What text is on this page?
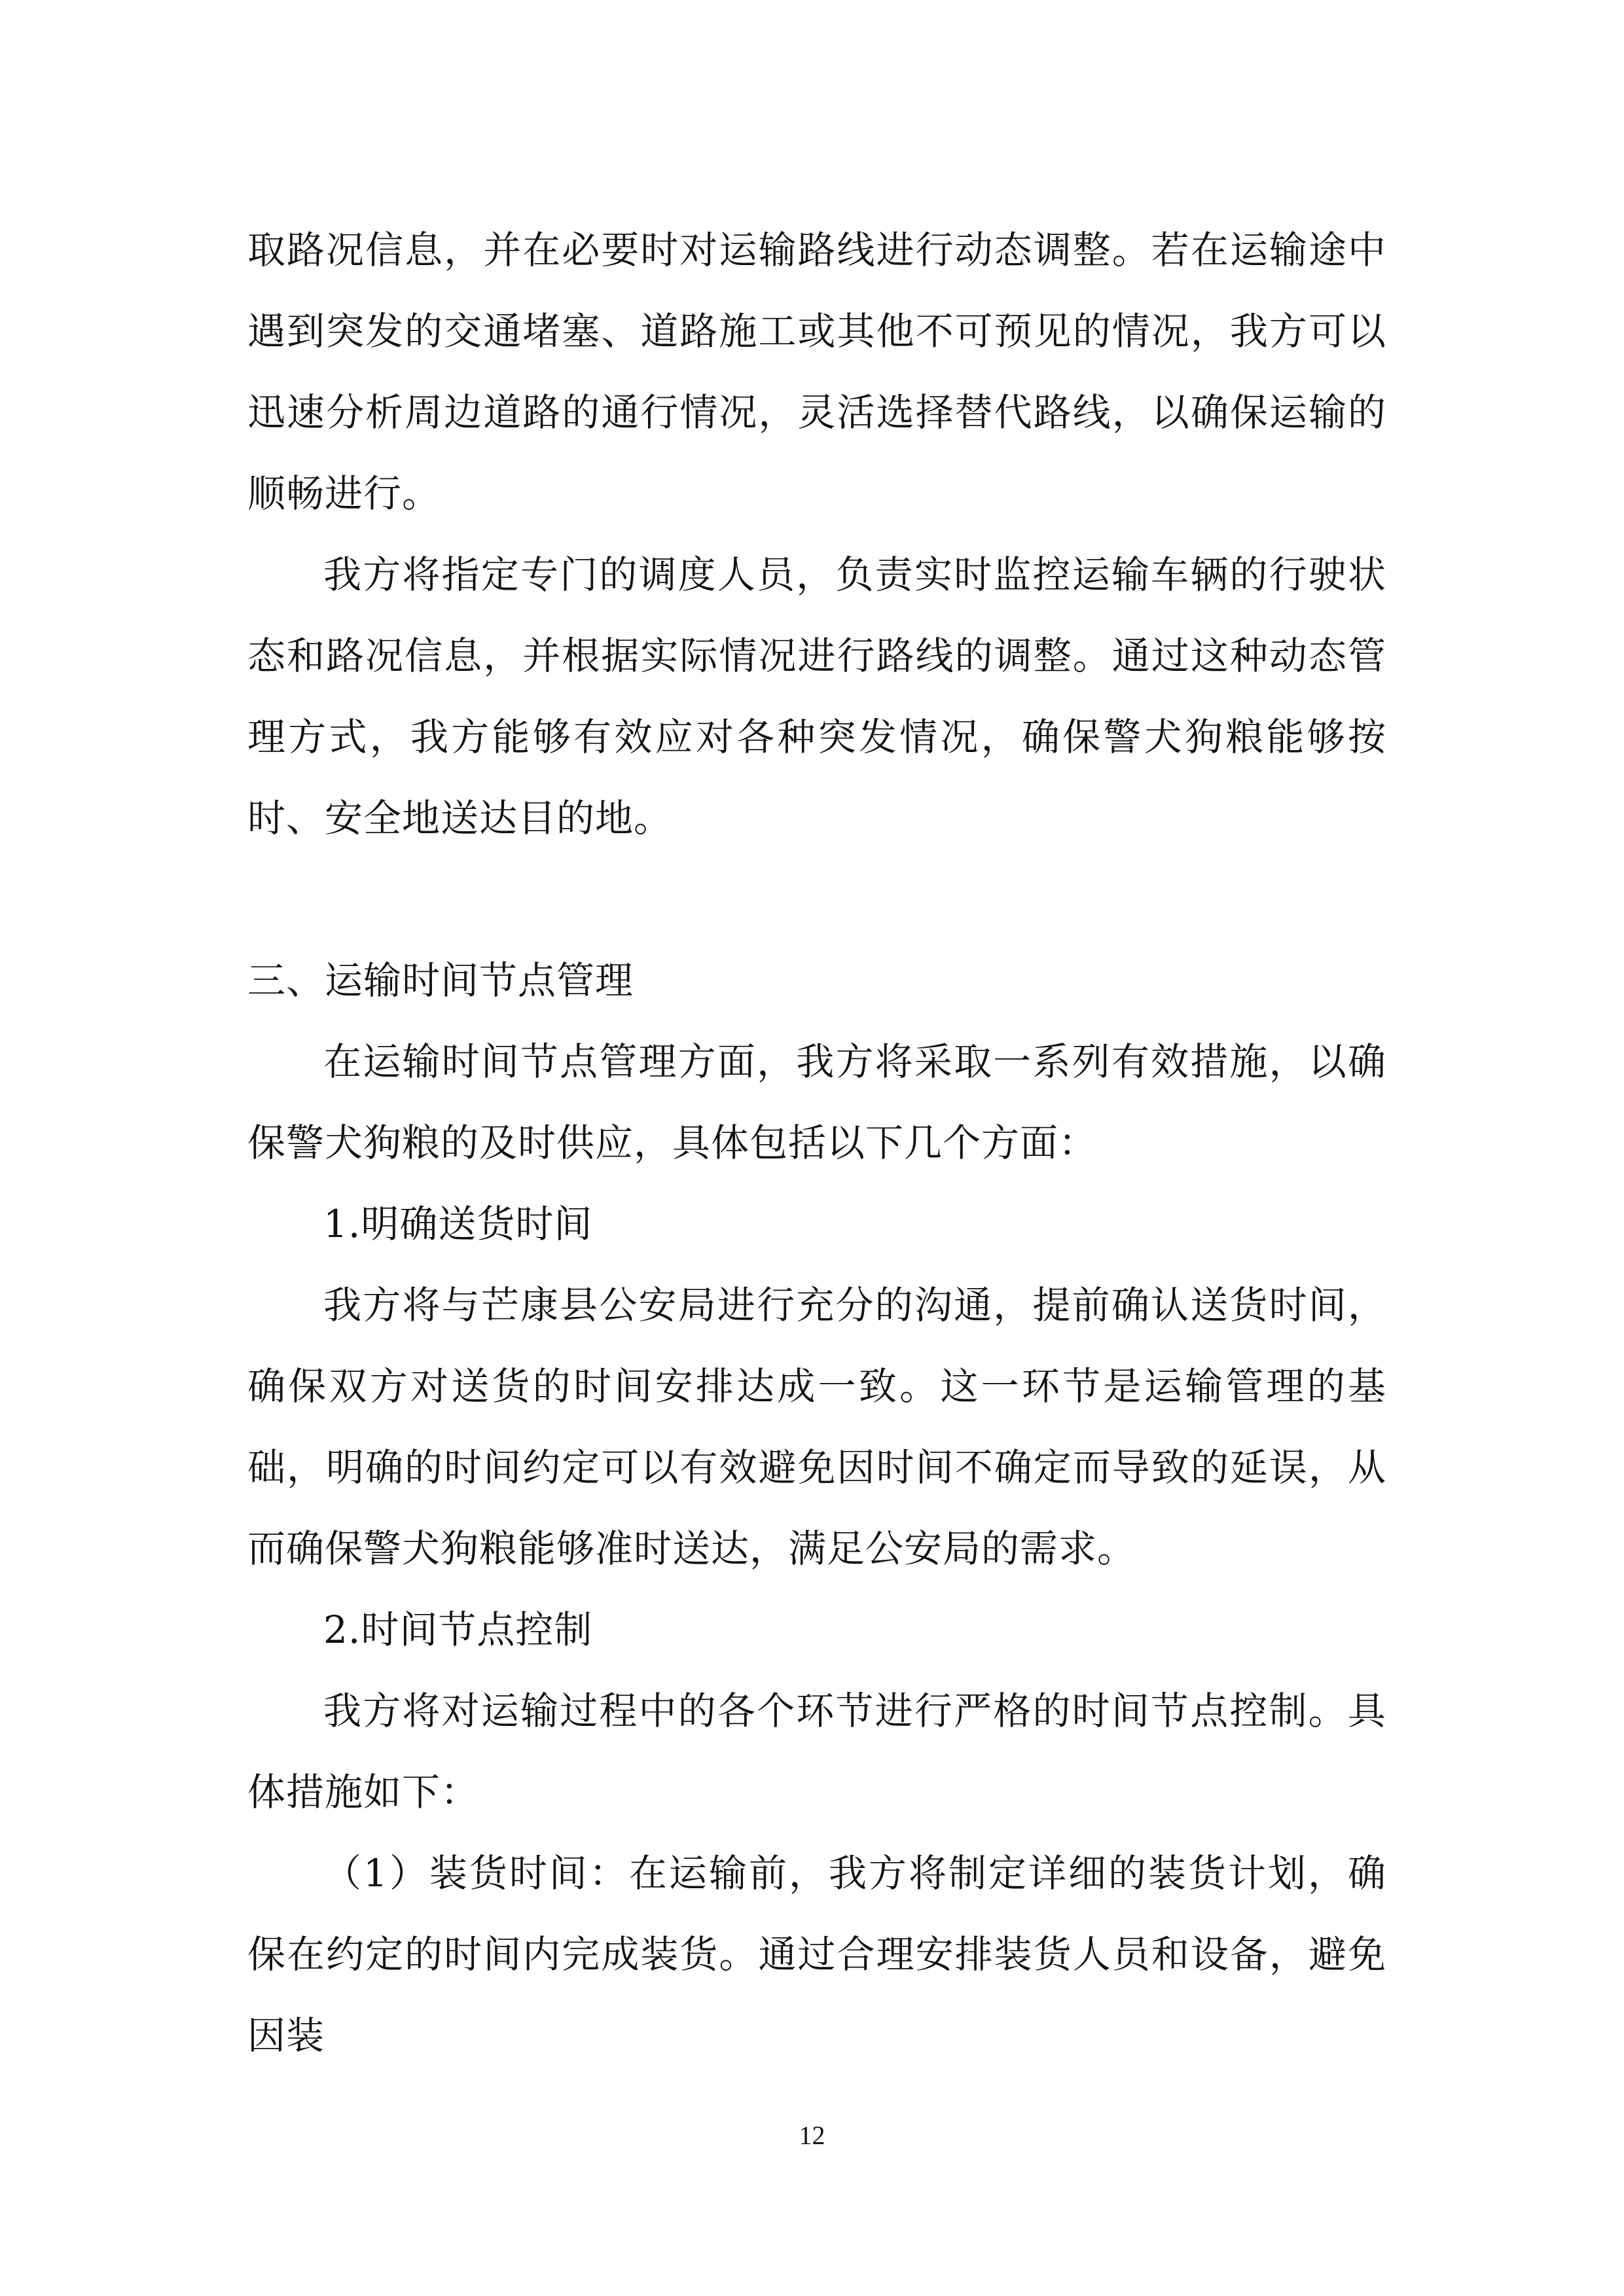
取路况信息，并在必要时对运输路线进行动态调整。若在运输途中遇到突发的交通堵塞、道路施工或其他不可预见的情况，我方可以迅速分析周边道路的通行情况，灵活选择替代路线，以确保运输的顺畅进行。

我方将指定专门的调度人员，负责实时监控运输车辆的行驶状态和路况信息，并根据实际情况进行路线的调整。通过这种动态管理方式，我方能够有效应对各种突发情况，确保警犬狗粮能够按时、安全地送达目的地。

三、运输时间节点管理

在运输时间节点管理方面，我方将采取一系列有效措施，以确保警犬狗粮的及时供应，具体包括以下几个方面：

1.明确送货时间

我方将与芒康县公安局进行充分的沟通，提前确认送货时间，确保双方对送货的时间安排达成一致。这一环节是运输管理的基础，明确的时间约定可以有效避免因时间不确定而导致的延误，从而确保警犬狗粮能够准时送达，满足公安局的需求。

2.时间节点控制

我方将对运输过程中的各个环节进行严格的时间节点控制。具体措施如下：

（1）装货时间：在运输前，我方将制定详细的装货计划，确保在约定的时间内完成装货。通过合理安排装货人员和设备，避免因装

12
